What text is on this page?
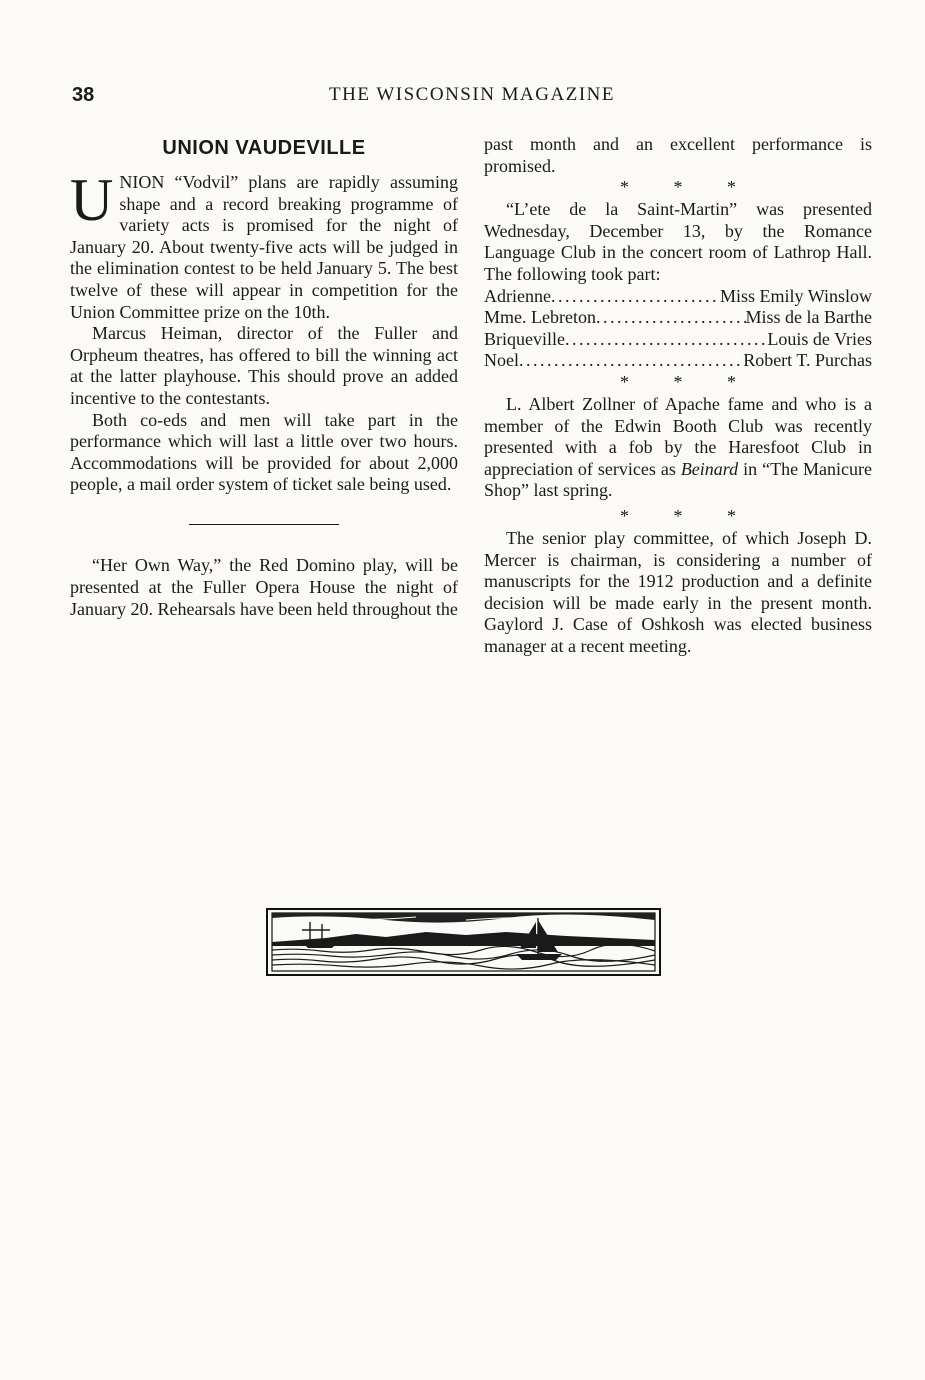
38	THE WISCONSIN MAGAZINE
UNION VAUDEVILLE

UNION “Vodvil” plans are rapidly assuming shape and a record breaking programme of variety acts is promised for the night of January 20. About twenty-five acts will be judged in the elimination contest to be held January 5. The best twelve of these will appear in competition for the Union Committee prize on the 10th.

Marcus Heiman, director of the Fuller and Orpheum theatres, has offered to bill the winning act at the latter playhouse. This should prove an added incentive to the contestants.

Both co-eds and men will take part in the performance which will last a little over two hours. Accommodations will be provided for about 2,000 people, a mail order system of ticket sale being used.

“Her Own Way,” the Red Domino play, will be presented at the Fuller Opera House the night of January 20. Rehearsals have been held throughout the

past month and an excellent performance is promised.

* * *

“L’ete de la Saint-Martin” was presented Wednesday, December 13, by the Romance Language Club in the concert room of Lathrop Hall. The following took part:

Adrienne . . .	Miss Emily Winslow
Mme. Lebreton . . .	Miss de la Barthe
Briqueville . . .	Louis de Vries
Noel . . .	Robert T. Purchas
* * *

L. Albert Zollner of Apache fame and who is a member of the Edwin Booth Club was recently presented with a fob by the Haresfoot Club in appreciation of services as Beinard in “The Manicure Shop” last spring.

* * *

The senior play committee, of which Joseph D. Mercer is chairman, is considering a number of manuscripts for the 1912 production and a definite decision will be made early in the present month. Gaylord J. Case of Oshkosh was elected business manager at a recent meeting.
